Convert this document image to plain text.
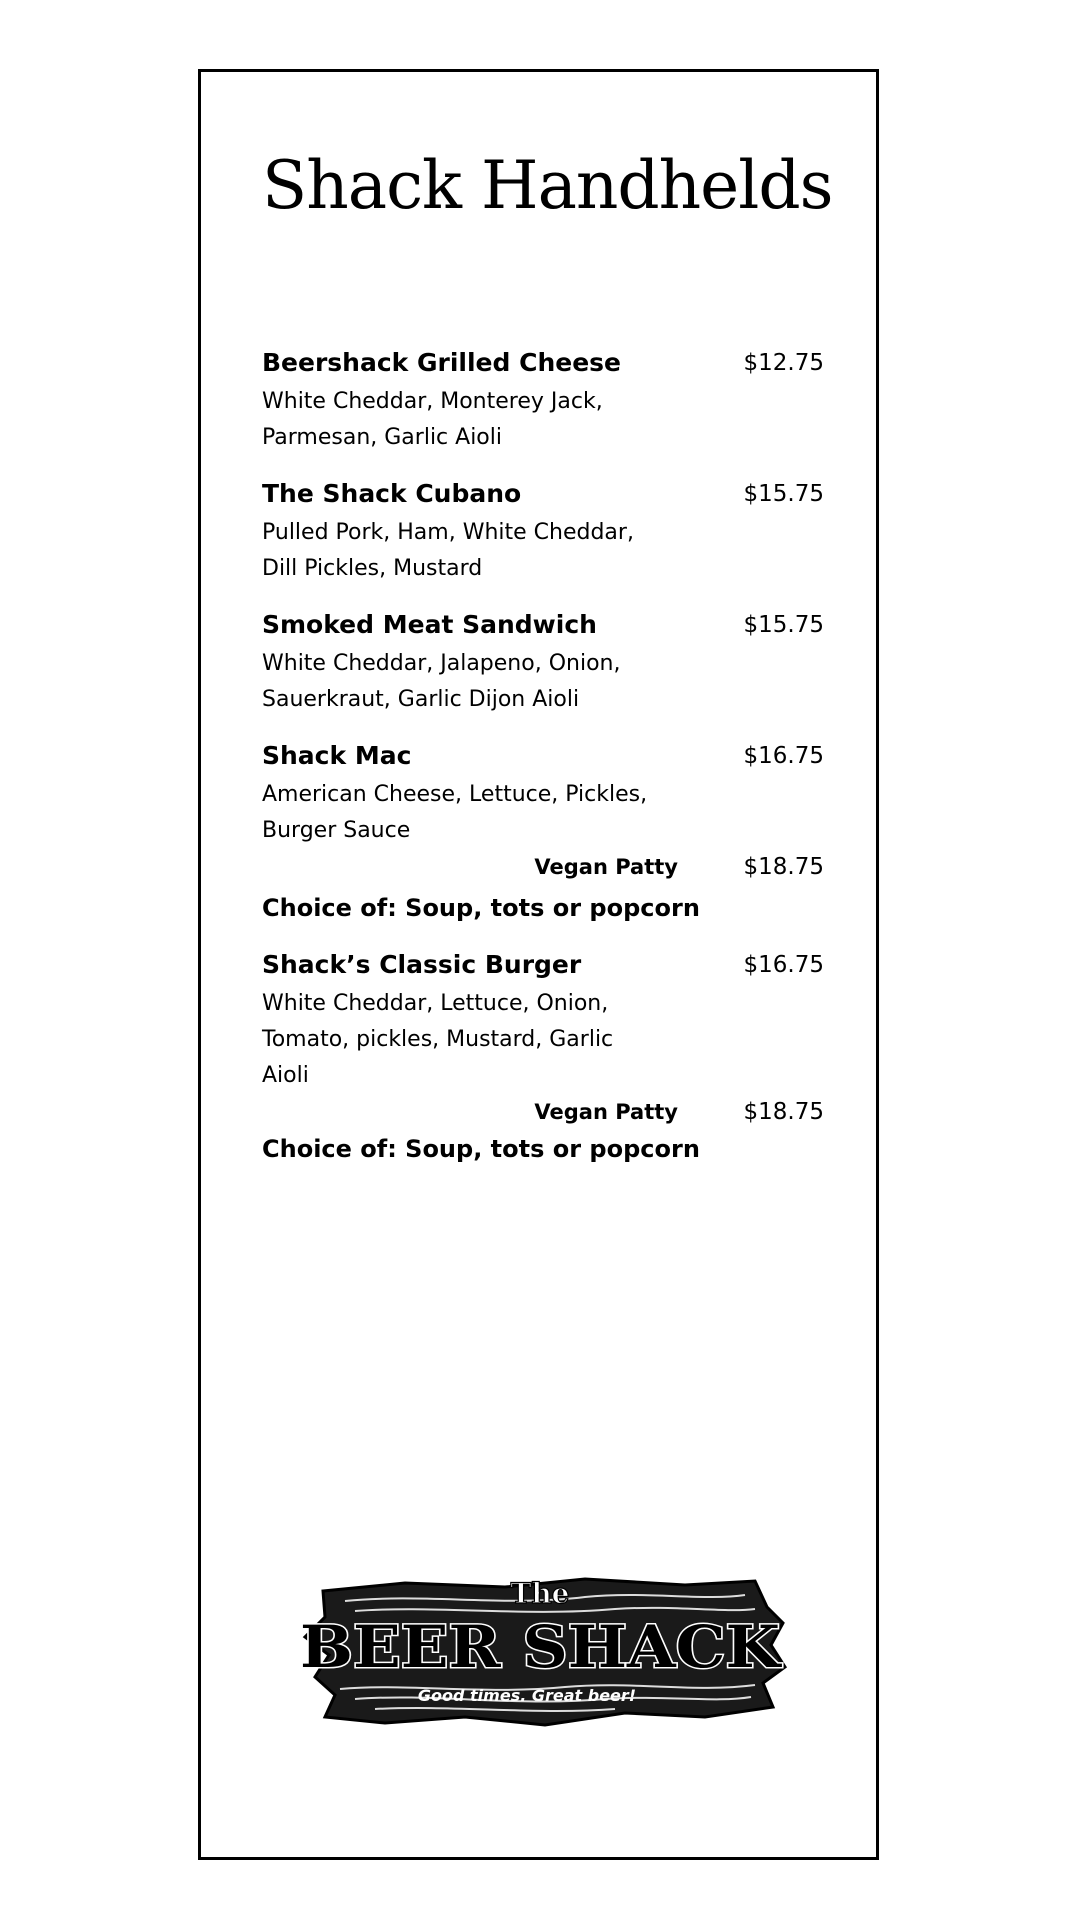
Shack Handhelds
Beershack Grilled Cheese	$12.75

White Cheddar, Monterey Jack,
Parmesan, Garlic Aioli

The Shack Cubano	$15.75

Pulled Pork, Ham, White Cheddar,
Dill Pickles, Mustard

Smoked Meat Sandwich	$15.75

White Cheddar, Jalapeno, Onion,
Sauerkraut, Garlic Dijon Aioli

Shack Mac	$16.75

American Cheese, Lettuce, Pickles,
Burger Sauce

Vegan Patty	$18.75
Choice of: Soup, tots or popcorn
Shack’s Classic Burger	$16.75

White Cheddar, Lettuce, Onion,
Tomato, pickles, Mustard, Garlic
Aioli

Vegan Patty	$18.75
Choice of: Soup, tots or popcorn
The
BEER SHACK
Good times. Great beer!
